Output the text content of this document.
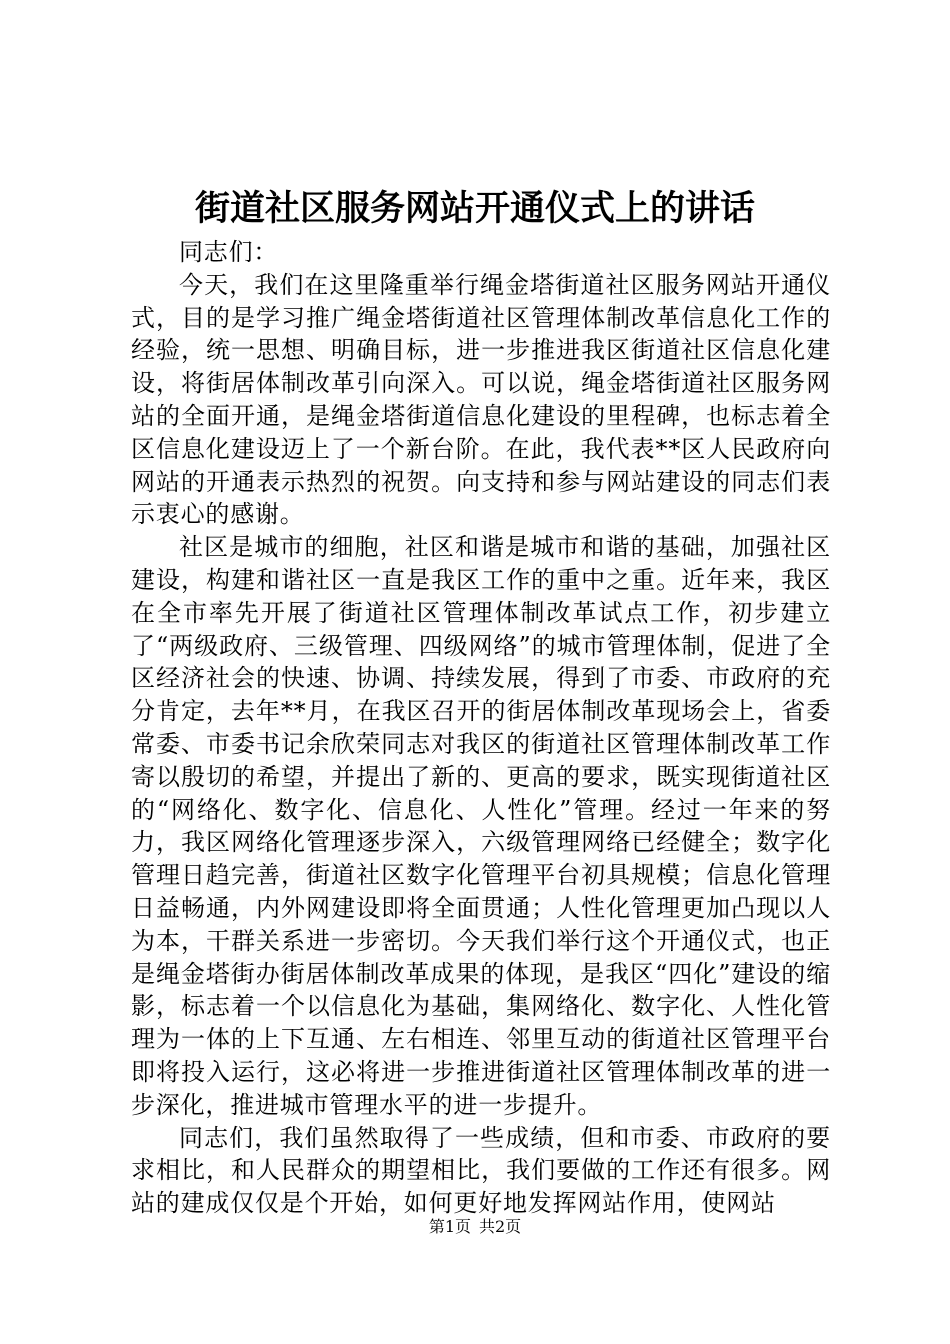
街道社区服务网站开通仪式上的讲话

同志们：

今天，我们在这里隆重举行绳金塔街道社区服务网站开通仪式，目的是学习推广绳金塔街道社区管理体制改革信息化工作的经验，统一思想、明确目标，进一步推进我区街道社区信息化建设，将街居体制改革引向深入。可以说，绳金塔街道社区服务网站的全面开通，是绳金塔街道信息化建设的里程碑，也标志着全区信息化建设迈上了一个新台阶。在此，我代表**区人民政府向网站的开通表示热烈的祝贺。向支持和参与网站建设的同志们表示衷心的感谢。

社区是城市的细胞，社区和谐是城市和谐的基础，加强社区建设，构建和谐社区一直是我区工作的重中之重。近年来，我区在全市率先开展了街道社区管理体制改革试点工作，初步建立了“两级政府、三级管理、四级网络”的城市管理体制，促进了全区经济社会的快速、协调、持续发展，得到了市委、市政府的充分肯定，去年**月，在我区召开的街居体制改革现场会上，省委常委、市委书记余欣荣同志对我区的街道社区管理体制改革工作寄以殷切的希望，并提出了新的、更高的要求，既实现街道社区的“网络化、数字化、信息化、人性化”管理。经过一年来的努力，我区网络化管理逐步深入，六级管理网络已经健全；数字化管理日趋完善，街道社区数字化管理平台初具规模；信息化管理日益畅通，内外网建设即将全面贯通；人性化管理更加凸现以人为本，干群关系进一步密切。今天我们举行这个开通仪式，也正是绳金塔街办街居体制改革成果的体现，是我区“四化”建设的缩影，标志着一个以信息化为基础，集网络化、数字化、人性化管理为一体的上下互通、左右相连、邻里互动的街道社区管理平台即将投入运行，这必将进一步推进街道社区管理体制改革的进一步深化，推进城市管理水平的进一步提升。

同志们，我们虽然取得了一些成绩，但和市委、市政府的要求相比，和人民群众的期望相比，我们要做的工作还有很多。网站的建成仅仅是个开始，如何更好地发挥网站作用，使网站

第1页 共2页
